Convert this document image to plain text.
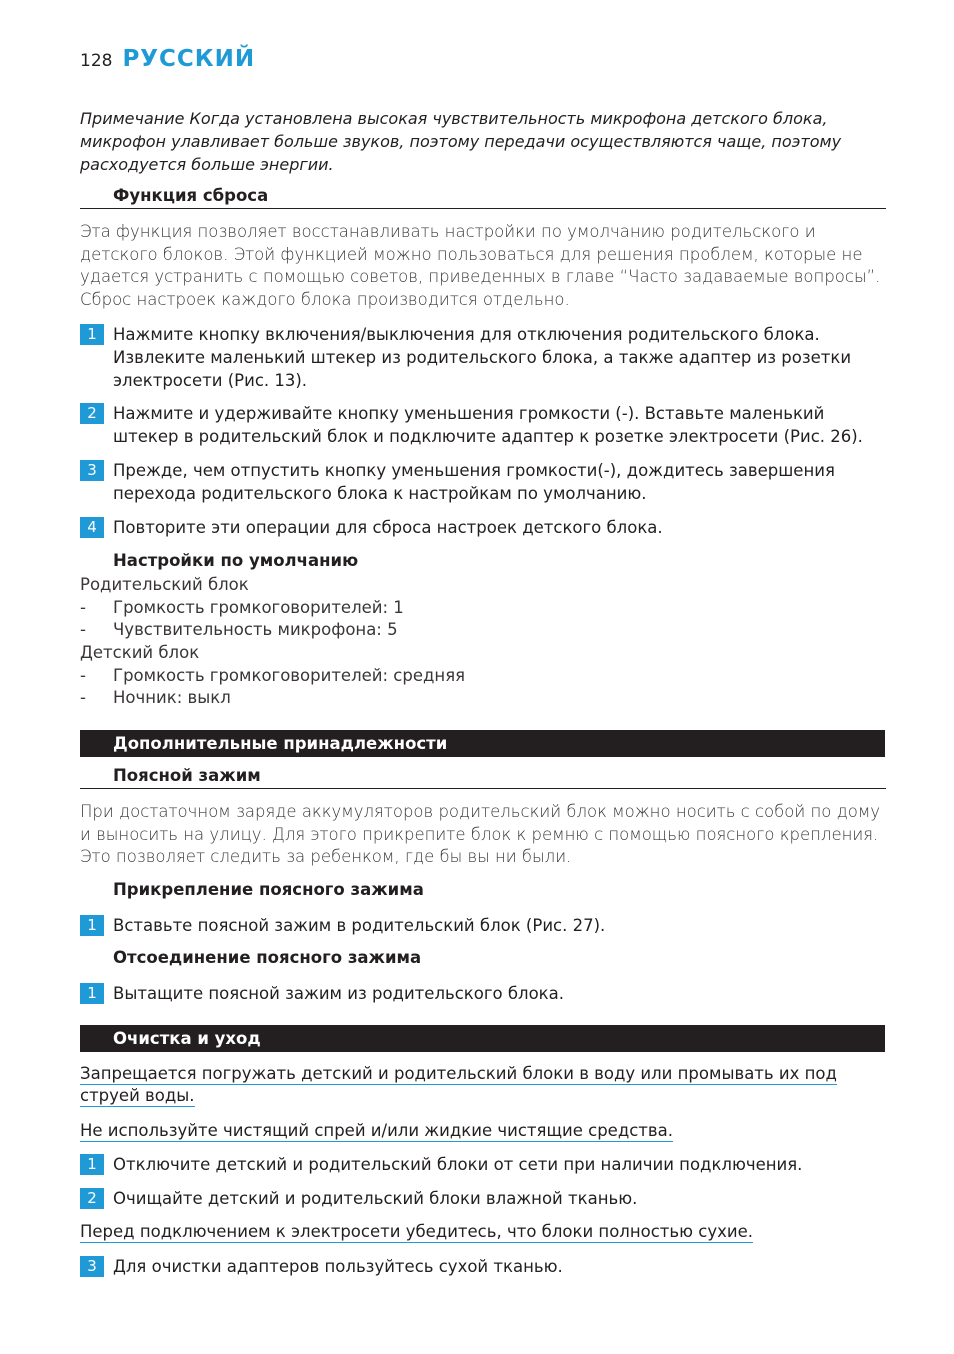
128 РУССКИЙ
Примечание Когда установлена высокая чувствительность микрофона детского блока, микрофон улавливает больше звуков, поэтому передачи осуществляются чаще, поэтому расходуется больше энергии.
Функция сброса
Эта функция позволяет восстанавливать настройки по умолчанию родительского и детского блоков. Этой функцией можно пользоваться для решения проблем, которые не удается устранить с помощью советов, приведенных в главе “Часто задаваемые вопросы”. Сброс настроек каждого блока производится отдельно.
1 Нажмите кнопку включения/выключения для отключения родительского блока. Извлеките маленький штекер из родительского блока, а также адаптер из розетки электросети (Рис. 13).
2 Нажмите и удерживайте кнопку уменьшения громкости (-). Вставьте маленький штекер в родительский блок и подключите адаптер к розетке электросети (Рис. 26).
3 Прежде, чем отпустить кнопку уменьшения громкости(-), дождитесь завершения перехода родительского блока к настройкам по умолчанию.
4 Повторите эти операции для сброса настроек детского блока.
Настройки по умолчанию
Родительский блок
- Громкость громкоговорителей: 1
- Чувствительность микрофона: 5
Детский блок
- Громкость громкоговорителей: средняя
- Ночник: выкл
Дополнительные принадлежности
Поясной зажим
При достаточном заряде аккумуляторов родительский блок можно носить с собой по дому и выносить на улицу. Для этого прикрепите блок к ремню с помощью поясного крепления. Это позволяет следить за ребенком, где бы вы ни были.
Прикрепление поясного зажима
1 Вставьте поясной зажим в родительский блок (Рис. 27).
Отсоединение поясного зажима
1 Вытащите поясной зажим из родительского блока.
Очистка и уход
Запрещается погружать детский и родительский блоки в воду или промывать их под струей воды.
Не используйте чистящий спрей и/или жидкие чистящие средства.
1 Отключите детский и родительский блоки от сети при наличии подключения.
2 Очищайте детский и родительский блоки влажной тканью.
Перед подключением к электросети убедитесь, что блоки полностью сухие.
3 Для очистки адаптеров пользуйтесь сухой тканью.
